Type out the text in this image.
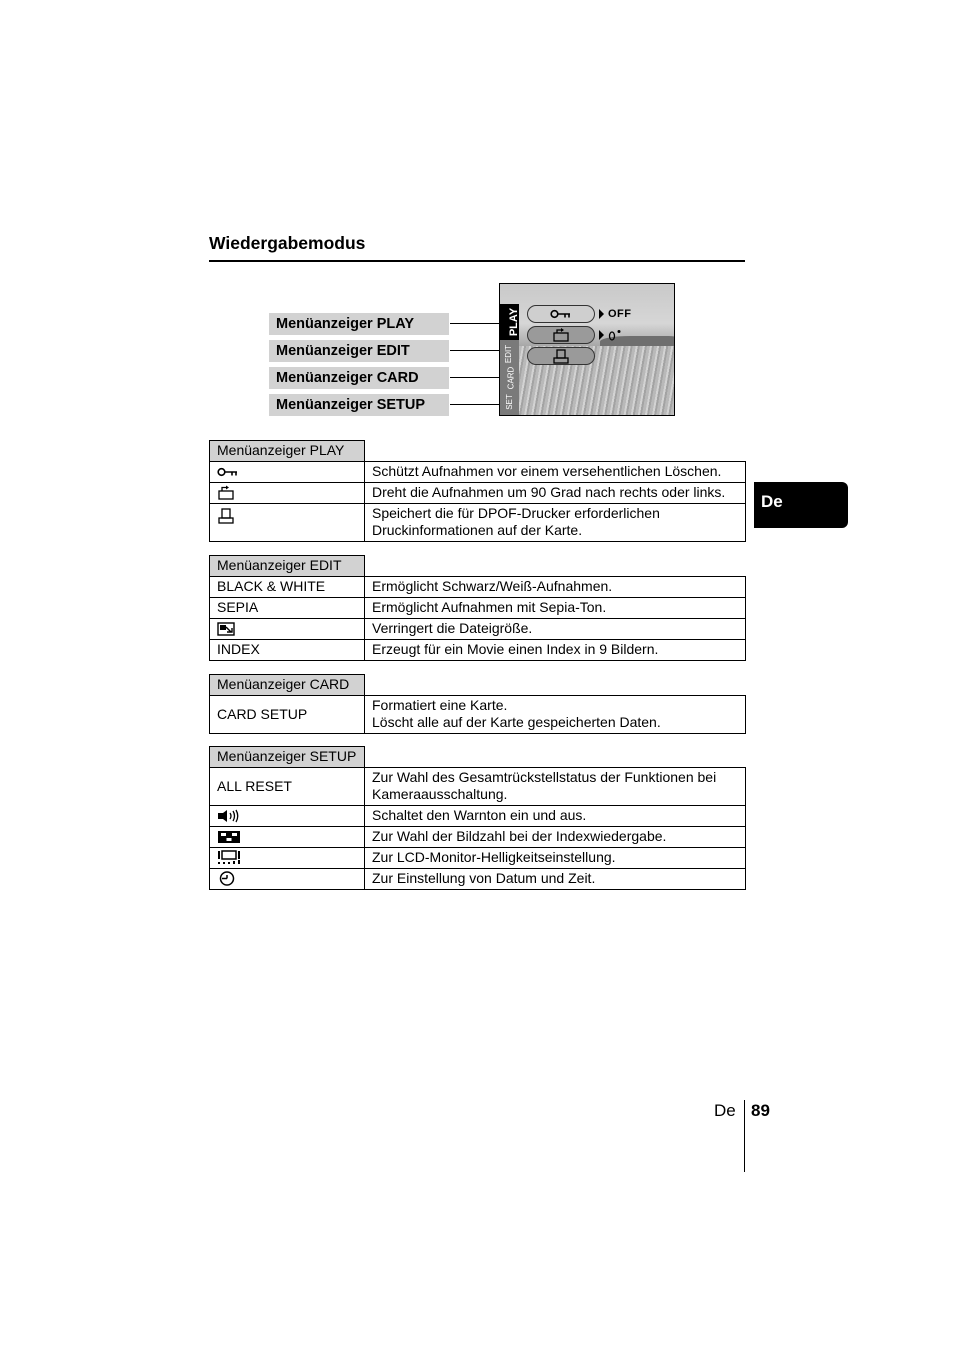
Wiedergabemodus
Menüanzeiger PLAY
Menüanzeiger EDIT
Menüanzeiger CARD
Menüanzeiger SETUP
PLAY
EDIT
CARD
SET
OFF
Menüanzeiger PLAY	

	Schützt Aufnahmen vor einem versehentlichen Löschen.

	Dreht die Aufnahmen um 90 Grad nach rechts oder links.

	Speichert die für DPOF-Drucker erforderlichen Druckinformationen auf der Karte.
Menüanzeiger EDIT	
BLACK & WHITE	Ermöglicht Schwarz/Weiß-Aufnahmen.
SEPIA	Ermöglicht Aufnahmen mit Sepia-Ton.

	Verringert die Dateigröße.
INDEX	Erzeugt für ein Movie einen Index in 9 Bildern.
Menüanzeiger CARD	
CARD SETUP	Formatiert eine Karte.
Löscht alle auf der Karte gespeicherten Daten.
Menüanzeiger SETUP	
ALL RESET	Zur Wahl des Gesamtrückstellstatus der Funktionen bei Kameraausschaltung.

	Schaltet den Warnton ein und aus.

	Zur Wahl der Bildzahl bei der Indexwiedergabe.

	Zur LCD-Monitor-Helligkeitseinstellung.

	Zur Einstellung von Datum und Zeit.
De
De 89
